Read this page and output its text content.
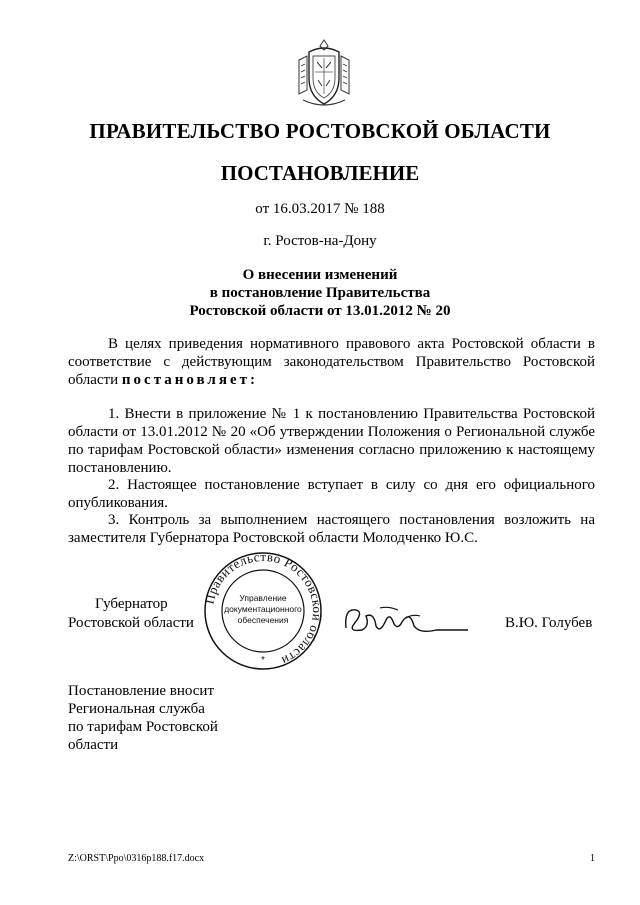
ПРАВИТЕЛЬСТВО РОСТОВСКОЙ ОБЛАСТИ
ПОСТАНОВЛЕНИЕ
от 16.03.2017 № 188
г. Ростов-на-Дону
О внесении изменений
в постановление Правительства
Ростовской области от 13.01.2012 № 20
В целях приведения нормативного правового акта Ростовской области в соответствие с действующим законодательством Правительство Ростовской области постановляет:
1. Внести в приложение № 1 к постановлению Правительства Ростовской области от 13.01.2012 № 20 «Об утверждении Положения о Региональной службе по тарифам Ростовской области» изменения согласно приложению к настоящему постановлению.
2. Настоящее постановление вступает в силу со дня его официального опубликования.
3. Контроль за выполнением настоящего постановления возложить на заместителя Губернатора Ростовской области Молодченко Ю.С.
Губернатор
Ростовской области
Правительство Ростовс области
Управление
документационного
обеспечения
*
В.Ю. Голубев
Постановление вносит
Региональная служба
по тарифам Ростовской
области
Z:\ORST\Ppo\0316p188.f17.docx	1
